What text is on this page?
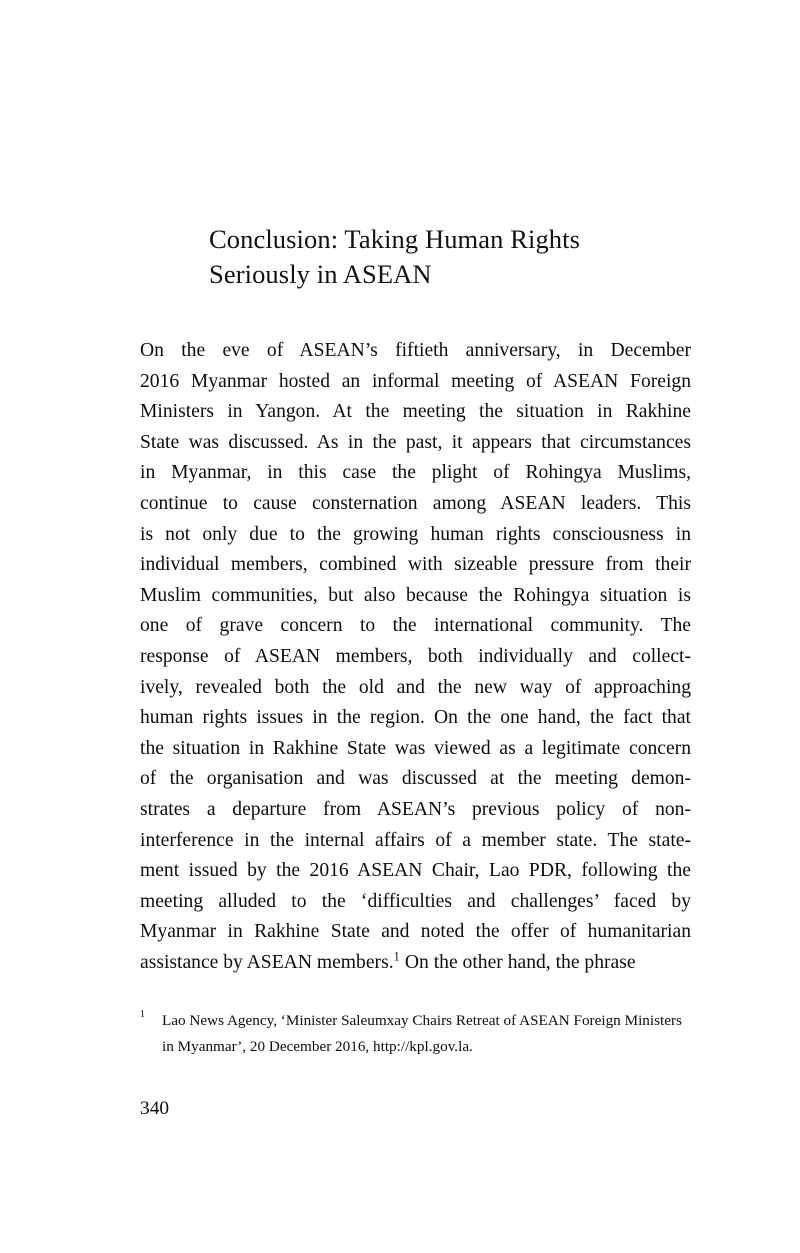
Conclusion: Taking Human Rights
Seriously in ASEAN

On the eve of ASEAN’s fiftieth anniversary, in December
2016 Myanmar hosted an informal meeting of ASEAN Foreign
Ministers in Yangon. At the meeting the situation in Rakhine
State was discussed. As in the past, it appears that circumstances
in Myanmar, in this case the plight of Rohingya Muslims,
continue to cause consternation among ASEAN leaders. This
is not only due to the growing human rights consciousness in
individual members, combined with sizeable pressure from their
Muslim communities, but also because the Rohingya situation is
one of grave concern to the international community. The
response of ASEAN members, both individually and collect-
ively, revealed both the old and the new way of approaching
human rights issues in the region. On the one hand, the fact that
the situation in Rakhine State was viewed as a legitimate concern
of the organisation and was discussed at the meeting demon-
strates a departure from ASEAN’s previous policy of non-
interference in the internal affairs of a member state. The state-
ment issued by the 2016 ASEAN Chair, Lao PDR, following the
meeting alluded to the ‘difficulties and challenges’ faced by
Myanmar in Rakhine State and noted the offer of humanitarian
assistance by ASEAN members.$^1$ On the other hand, the phrase

1 Lao News Agency, ‘Minister Saleumxay Chairs Retreat of ASEAN Foreign Ministers in Myanmar’, 20 December 2016, http://kpl.gov.la.

340
